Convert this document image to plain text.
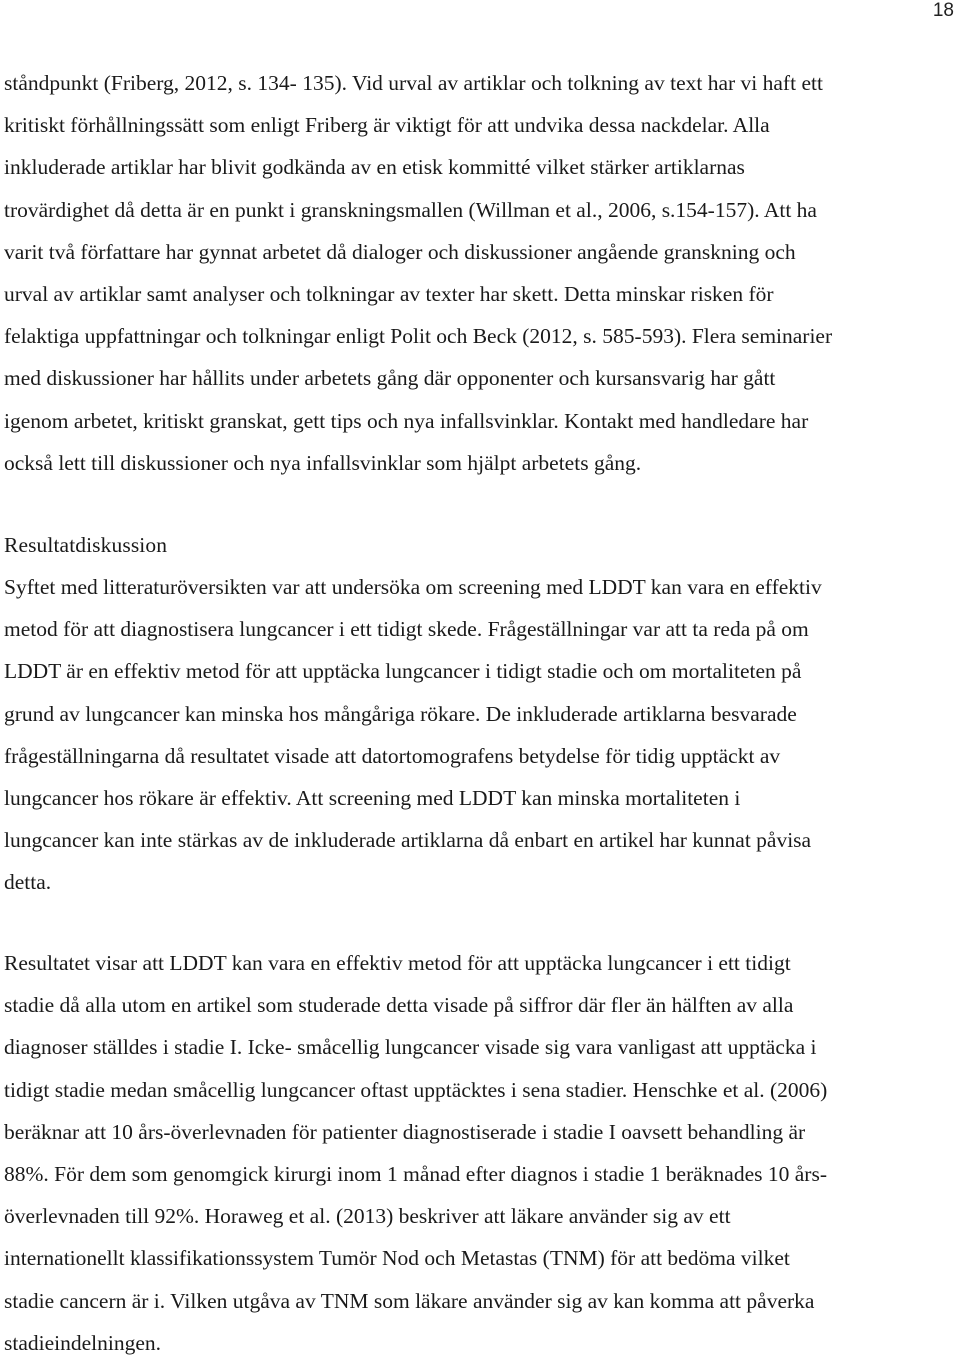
18
ståndpunkt (Friberg, 2012, s. 134- 135). Vid urval av artiklar och tolkning av text har vi haft ett
kritiskt förhållningssätt som enligt Friberg är viktigt för att undvika dessa nackdelar. Alla
inkluderade artiklar har blivit godkända av en etisk kommitté vilket stärker artiklarnas
trovärdighet då detta är en punkt i granskningsmallen (Willman et al., 2006, s.154-157). Att ha
varit två författare har gynnat arbetet då dialoger och diskussioner angående granskning och
urval av artiklar samt analyser och tolkningar av texter har skett. Detta minskar risken för
felaktiga uppfattningar och tolkningar enligt Polit och Beck (2012, s. 585-593). Flera seminarier
med diskussioner har hållits under arbetets gång där opponenter och kursansvarig har gått
igenom arbetet, kritiskt granskat, gett tips och nya infallsvinklar. Kontakt med handledare har
också lett till diskussioner och nya infallsvinklar som hjälpt arbetets gång.
Resultatdiskussion
Syftet med litteraturöversikten var att undersöka om screening med LDDT kan vara en effektiv
metod för att diagnostisera lungcancer i ett tidigt skede. Frågeställningar var att ta reda på om
LDDT är en effektiv metod för att upptäcka lungcancer i tidigt stadie och om mortaliteten på
grund av lungcancer kan minska hos mångåriga rökare. De inkluderade artiklarna besvarade
frågeställningarna då resultatet visade att datortomografens betydelse för tidig upptäckt av
lungcancer hos rökare är effektiv. Att screening med LDDT kan minska mortaliteten i
lungcancer kan inte stärkas av de inkluderade artiklarna då enbart en artikel har kunnat påvisa
detta.
Resultatet visar att LDDT kan vara en effektiv metod för att upptäcka lungcancer i ett tidigt
stadie då alla utom en artikel som studerade detta visade på siffror där fler än hälften av alla
diagnoser ställdes i stadie I. Icke- småcellig lungcancer visade sig vara vanligast att upptäcka i
tidigt stadie medan småcellig lungcancer oftast upptäcktes i sena stadier. Henschke et al. (2006)
beräknar att 10 års-överlevnaden för patienter diagnostiserade i stadie I oavsett behandling är
88%. För dem som genomgick kirurgi inom 1 månad efter diagnos i stadie 1 beräknades 10 års-
överlevnaden till 92%. Horaweg et al. (2013) beskriver att läkare använder sig av ett
internationellt klassifikationssystem Tumör Nod och Metastas (TNM) för att bedöma vilket
stadie cancern är i. Vilken utgåva av TNM som läkare använder sig av kan komma att påverka
stadieindelningen.
